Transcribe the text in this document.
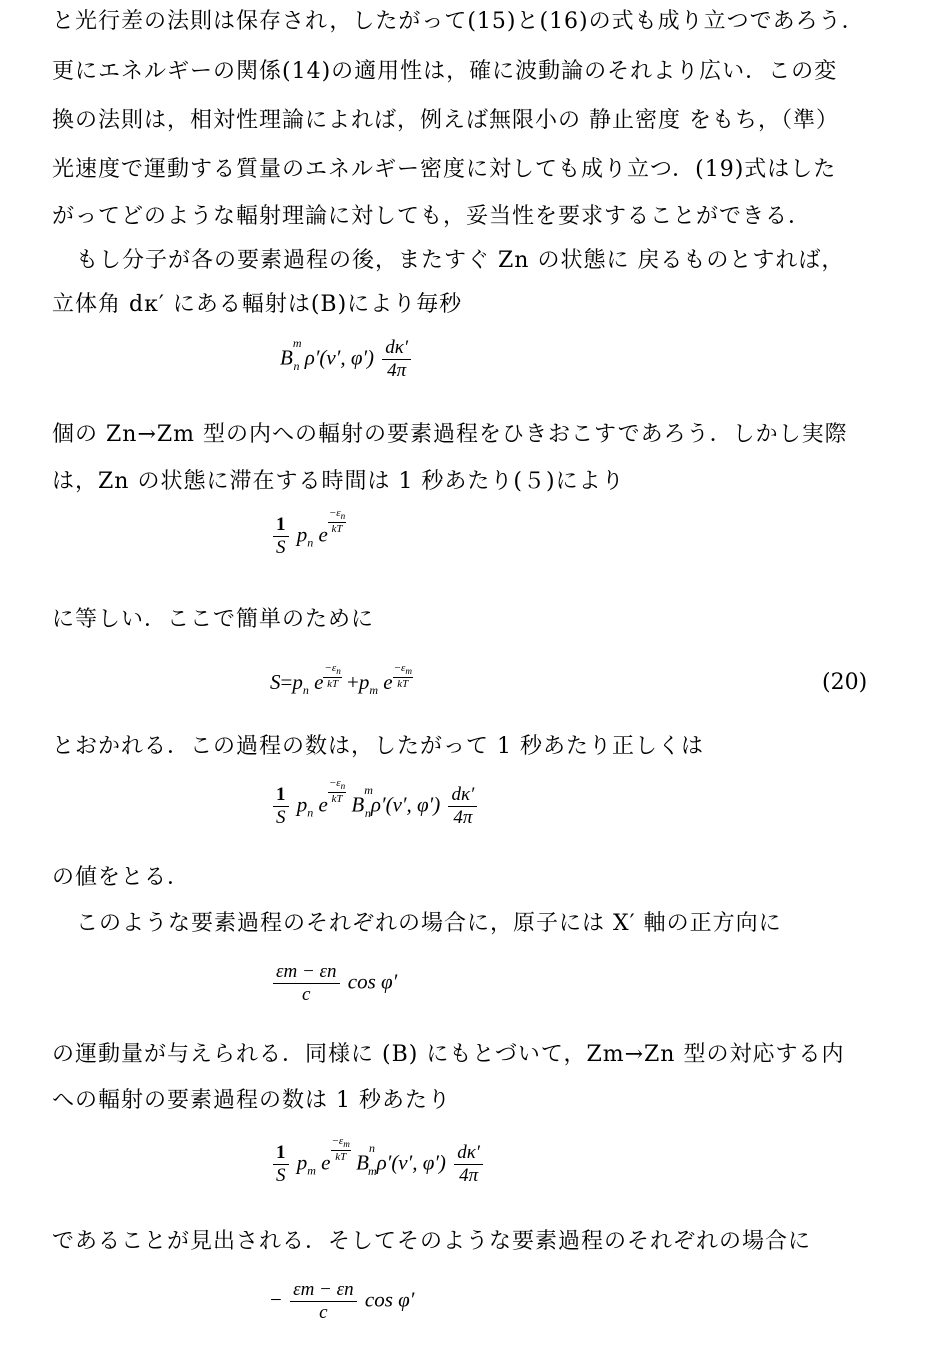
と光行差の法則は保存され，したがって(15)と(16)の式も成り立つであろう．
更にエネルギーの関係(14)の適用性は，確に波動論のそれより広い．この変
換の法則は，相対性理論によれば，例えば無限小の 静止密度 をもち，（準）
光速度で運動する質量のエネルギー密度に対しても成り立つ．(19)式はした
がってどのような輻射理論に対しても，妥当性を要求することができる．
もし分子が各の要素過程の後，またすぐ Zn の状態に 戻るものとすれば，
立体角 dκ′ にある輻射は(B)により毎秒
$B^m_n$ ρ′(ν′, $\varphi') \frac{d\kappa'}{4\pi}$
個の Zn→Zm 型の内への輻射の要素過程をひきおこすであろう．しかし実際
は，Zn の状態に滞在する時間は 1 秒あたり(５)により
$\frac{1}{S} p_n$ e $\frac{-\varepsilon_n}{kT}$
に等しい．ここで簡単のために
$S=p_n$ e $\frac{-\varepsilon_n}{kT} +p_m$ e $\frac{-\varepsilon_m}{kT}$	(20)
とおかれる．この過程の数は，したがって 1 秒あたり正しくは
$\frac{1}{S} p_n$ e $\frac{-\varepsilon_n}{kT} B^m_n\rho'(\nu'$, $\varphi') \frac{d\kappa'}{4\pi}$
の値をとる．
このような要素過程のそれぞれの場合に，原子には X′ 軸の正方向に
$\frac{\varepsilon m - \varepsilon n}{c}$ cos φ′
の運動量が与えられる．同様に (B) にもとづいて，Zm→Zn 型の対応する内
への輻射の要素過程の数は 1 秒あたり
$\frac{1}{S} p_m$ e $\frac{-\varepsilon_m}{kT} B^n_m\rho'(\nu'$, $\varphi') \frac{d\kappa'}{4\pi}$
であることが見出される．そしてそのような要素過程のそれぞれの場合に
− $\frac{\varepsilon m - \varepsilon n}{c}$ cos φ′
